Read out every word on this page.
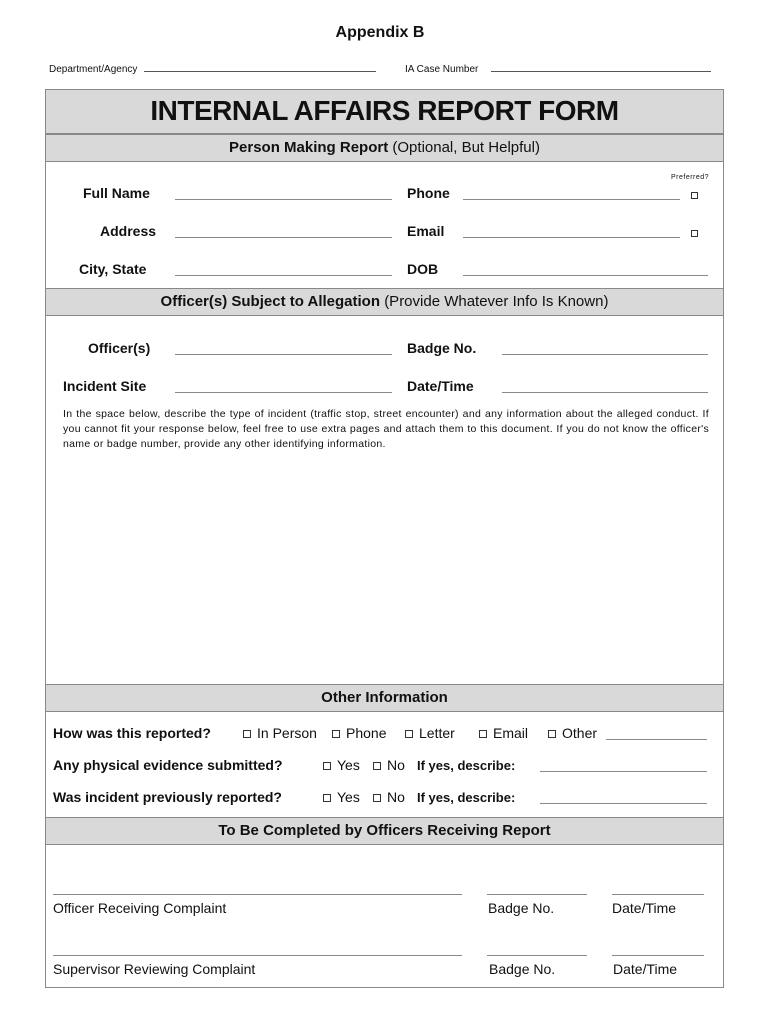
Appendix B
Department/Agency	IA Case Number
INTERNAL AFFAIRS REPORT FORM
Person Making Report (Optional, But Helpful)
Preferred?
Full Name	Phone
Address	Email
City, State	DOB
Officer(s) Subject to Allegation (Provide Whatever Info Is Known)
Officer(s)	Badge No.
Incident Site	Date/Time
In the space below, describe the type of incident (traffic stop, street encounter) and any information about the alleged conduct. If you cannot fit your response below, feel free to use extra pages and attach them to this document. If you do not know the officer's name or badge number, provide any other identifying information.
Other Information
How was this reported?	In Person	Phone	Letter	Email	Other
Any physical evidence submitted?	Yes	No If yes, describe:
Was incident previously reported?	Yes	No If yes, describe:
To Be Completed by Officers Receiving Report
Officer Receiving Complaint	Badge No.	Date/Time
Supervisor Reviewing Complaint	Badge No.	Date/Time
